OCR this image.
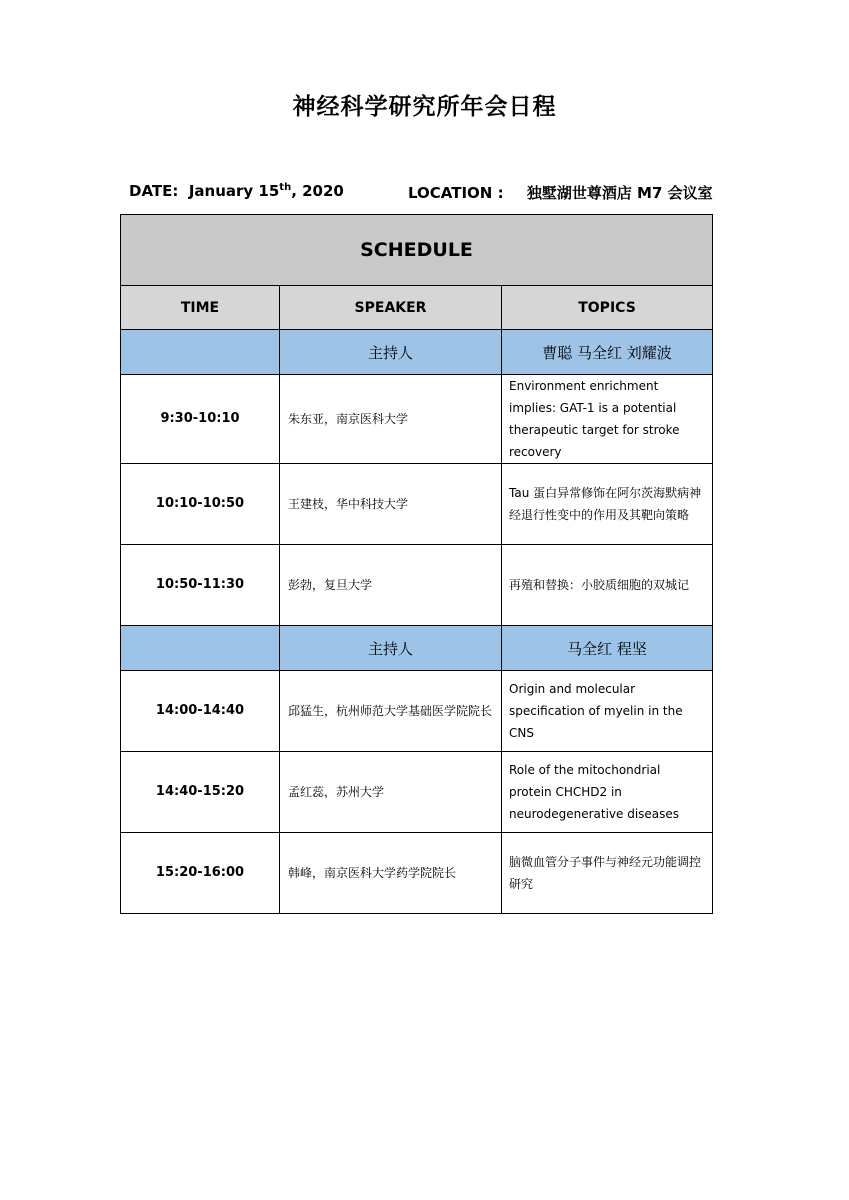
神经科学研究所年会日程
DATE: January 15th, 2020	LOCATION : 独墅湖世尊酒店 M7 会议室
SCHEDULE		
TIME	SPEAKER	TOPICS
	主持人	曹聪 马全红 刘耀波
9:30-10:10	朱东亚，南京医科大学	Environment enrichment implies: GAT-1 is a potential therapeutic target for stroke recovery
10:10-10:50	王建枝，华中科技大学	Tau 蛋白异常修饰在阿尔茨海默病神经退行性变中的作用及其靶向策略
10:50-11:30	彭勃，复旦大学	再殖和替换：小胶质细胞的双城记
	主持人	马全红 程坚
14:00-14:40	邱猛生，杭州师范大学基础医学院院长	Origin and molecular specification of myelin in the CNS
14:40-15:20	孟红蕊，苏州大学	Role of the mitochondrial protein CHCHD2 in neurodegenerative diseases
15:20-16:00	韩峰，南京医科大学药学院院长	脑微血管分子事件与神经元功能调控研究
